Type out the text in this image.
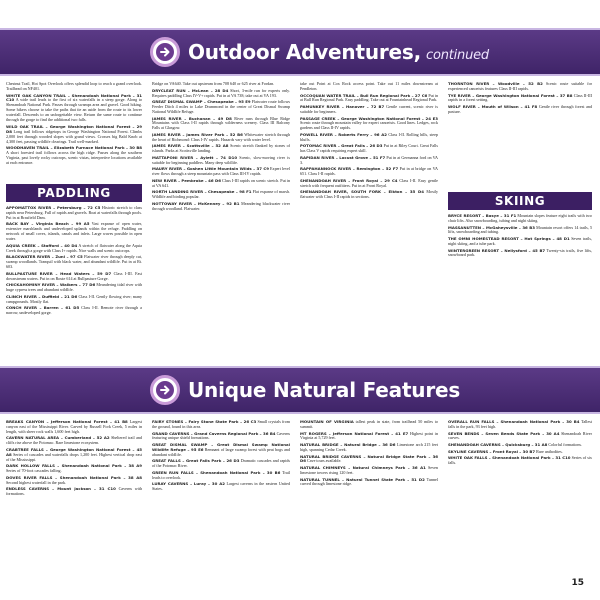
Outdoor Adventures, continued

Chestnut Trail, Hot Spot Overlook offers splendid loop to reach a grand overlook. Trailhead on NF401.

WHITE OAK CANYON TRAIL – Shenandoah National Park – 31 C10 A wide trail leads to the first of six waterfalls in a steep gorge. Along to Shenandoah National Park. Passes through swamps area and gravel. Good hiking. Some hikers choose to take the paths that tie an aside from the route to its lower waterfall. Descends to an unforgettable view. Return the same route to continue through the gorge to find the additional two falls.

WILD OAK TRAIL – George Washington National Forest – 29 D8 Long trail follows ridgetops in George Washington National Forest. Climbs 2,000 feet through wooded slopes with grand views. Crosses big Bald Knob at 4,300 feet, passing wildlife clearings. Trail well-marked.

WOODHAVEN TRAIL – Elizabeth Furnace National Park – 30 B8 A short forested trail follows across the high ridge. Passes along the southern Virginia, past lovely rocky outcrops, scenic vistas, interpretive locations available at each entrance.

PADDLING

APPOMATTOX RIVER – Petersburg – 72 C5 Historic stretch to class rapids near Petersburg. Full of rapids and gravels. Boat at waterfalls through pools. Put in at Brasfield Dam.

BACK BAY – Virginia Beach – 99 A5 Vast expanse of open water, extensive marshlands and undeveloped uplands within the refuge. Paddling on network of small coves, islands, canals and inlets. Large waves possible in open water.

AQUIA CREEK – Stafford – 40 D4 A stretch of flatwater along the Aquia Creek through a gorge with Class I+ rapids. Nice walls and scenic outcrops.

BLACKWATER RIVER – Zuni – 97 C5 Flatwater river through deeply cut, swamp woodlands. Tranquil with black water, and abundant wildlife. Put in at Rt. 603.

BULLPASTURE RIVER – Head Waters – 59 D7 Class I-III. Fast downstream waters. Put in on Route 614 at Bullpasture Gorge.

CHICKAHOMINY RIVER – Walkers – 77 D6 Meandering tidal river with huge cypress trees and abundant wildlife.

CLINCH RIVER – Duffield – 21 D6 Class I-II. Gently flowing river; many campgrounds. Mostly flat.

CONCH RIVER – Barren – 61 D5 Class I-II. Remote river through a narrow, undeveloped gorge.

Bridge on VA640. Take out upstream from 708 640 or 625 river at Fordan.

DRYCLEAT RUN – McLean – 28 D4 Short, 3-mile run for experts only. Requires paddling Class IV-V+ rapids. Put in at VA 738; take out at VA 193.

GREAT DISMAL SWAMP – Chesapeake – 95 E9 Flatwater route follows Feeder Ditch 4 miles to Lake Drummond in the center of Great Dismal Swamp National Wildlife Refuge.

JAMES RIVER – Buchanan – 49 D8 River runs through Blue Ridge Mountains with Class I-II rapids through wilderness scenery. Class III Balcony Falls at Glasgow.

JAMES RIVER – James River Park – 52 B6 Whitewater stretch through the heart of Richmond: Class I-IV rapids. Hazards vary with water level.

JAMES RIVER – Scottsville – 52 A8 Scenic stretch flanked by stones of islands. Parks at Scottsville landing.

MATTAPONI RIVER – Aylett – 74 D10 Scenic, slow-moving river is suitable for beginning paddlers. Many deep wildlife.

MAURY RIVER – Goshen Little Mountain Wilds – 37 C9 Expert level river flows through a steep mountain pass with Class III-IV rapids.

NEW RIVER – Pembroke – 46 D6 Class I-III rapids on scenic stretch. Put in at VA 641.

NORTH LANDING RIVER – Chesapeake – 98 F1 Flat expanse of marsh. Wildlife and birding popular.

NOTTOWAY RIVER – McKenney – 92 B1 Meandering blackwater river through woodland. Flatwater.

take out Point at Cox Rock access point. Take out 11 miles downstream at Pendleton.

OCCOQUAN WATER TRAIL – Bull Run Regional Park – 27 C6 Put in at Bull Run Regional Park. Easy paddling. Take out at Fountainhead Regional Park.

PAMUNKEY RIVER – Hanover – 72 B7 Gentle current, scenic river is suitable for beginners.

PASSAGE CREEK – George Washington National Forest – 24 E3 Scenic route through mountain valley for expert canoeists. Good lines. Ledges, rock gardens and Class II-IV rapids.

POWELL RIVER – Roberts Ferry – 96 A2 Class I-II. Rolling hills, steep bluffs.

POTOMAC RIVER – Great Falls – 26 D3 Put in at Riley Court. Great Falls has Class V rapids requiring expert skill.

RAPIDAN RIVER – Locust Grove – 51 F7 Put in at Germanna ford on VA 3.

RAPPAHANNOCK RIVER – Remington – 52 F7 Put in at bridge on VA 651. Class I-II rapids.

SHENANDOAH RIVER – Front Royal – 29 C4 Class I-II. Easy gentle stretch with frequent outfitters. Put in at Front Royal.

SHENANDOAH RIVER, SOUTH FORK – Elkton – 35 D4 Mostly flatwater with Class I-II rapids in sections.

THORNTON RIVER – Woodville – 52 B2 Scenic route suitable for experienced canoeists features Class II-III rapids.

TYE RIVER – George Washington National Forest – 37 B8 Class II-III rapids in a forest setting.

WOLF RIVER – Mouth of Wilson – 41 F8 Gentle river through forest and pasture.

SKIING

BRYCE RESORT – Basye – 31 F1 Mountain slopes feature eight trails with two chair lifts. Also snowboarding, tubing and night skiing.

MASSANUTTEN – McGaheysville – 36 B3 Mountain resort offers 14 trails, 5 lifts, snowboarding and tubing.

THE OMNI HOMESTEAD RESORT – Hot Springs – 48 D1 Seven trails, night skiing, and a tube park.

WINTERGREEN RESORT – Nellysford – 45 B7 Twenty-six trails, five lifts, snowboard park.

Unique Natural Features

BREAKS CANYON – Jefferson National Forest – 41 B8 Largest canyon east of the Mississippi River. Carved by Russell Fork Creek, 5 miles in length, with sheer rock walls 1,600 feet high.

CAVERN NATURAL AREA – Cumberland – 52 A2 Sheltered trail and cliffs rise above the Potomac. Rare limestone ecosystem.

CRABTREE FALLS – George Washington National Forest – 45 A8 Series of cascades and waterfalls drops 1,200 feet. Highest vertical drop east of the Mississippi.

DARK HOLLOW FALLS – Shenandoah National Park – 38 A9 Series of 70-foot cascades falling.

DOVES RIVER FALLS – Shenandoah National Park – 38 A8 Second highest waterfall in the park.

ENDLESS CAVERNS – Mount Jackson – 31 C10 Caverns with formations.

FAIRY STONES – Fairy Stone State Park – 26 C3 Small crystals from the ground, found in this area.

GRAND CAVERNS – Grand Caverns Regional Park – 36 B4 Caverns featuring unique shield formations.

GREAT DISMAL SWAMP – Great Dismal Swamp National Wildlife Refuge – 95 E6 Remnant of large swamp forest with peat bogs and abundant wildlife.

GREAT FALLS – Great Falls Park – 26 D3 Dramatic cascades and rapids of the Potomac River.

GREEN RUN FALLS – Shenandoah National Park – 30 B6 Trail leads to overlook.

LURAY CAVERNS – Luray – 30 A2 Largest caverns in the eastern United States.

MOUNTAIN OF VIRGINIA tallest peak in state, from trailhead 50 miles to summit.

MT ROGERS – Jefferson National Forest – 41 E7 Highest point in Virginia at 5,729 feet.

NATURAL BRIDGE – Natural Bridge – 36 D6 Limestone arch 215 feet high, spanning Cedar Creek.

NATURAL BRIDGE CAVERNS – Natural Bridge State Park – 36 D6 Cave tours available.

NATURAL CHIMNEYS – Natural Chimneys Park – 36 A1 Seven limestone towers rising 120 feet.

NATURAL TUNNEL – Natural Tunnel State Park – 51 D2 Tunnel carved through limestone ridge.

OVERALL RUN FALLS – Shenandoah National Park – 30 B4 Tallest falls in the park, 93 feet high.

SEVEN BENDS – Seven Bends State Park – 30 A4 Shenandoah River curves.

SHENANDOAH CAVERNS – Quicksburg – 31 A8 Colorful formations.

SKYLINE CAVERNS – Front Royal – 30 B7 Rare anthodites.

WHITE OAK FALLS – Shenandoah National Park – 31 C10 Series of six falls.

15
